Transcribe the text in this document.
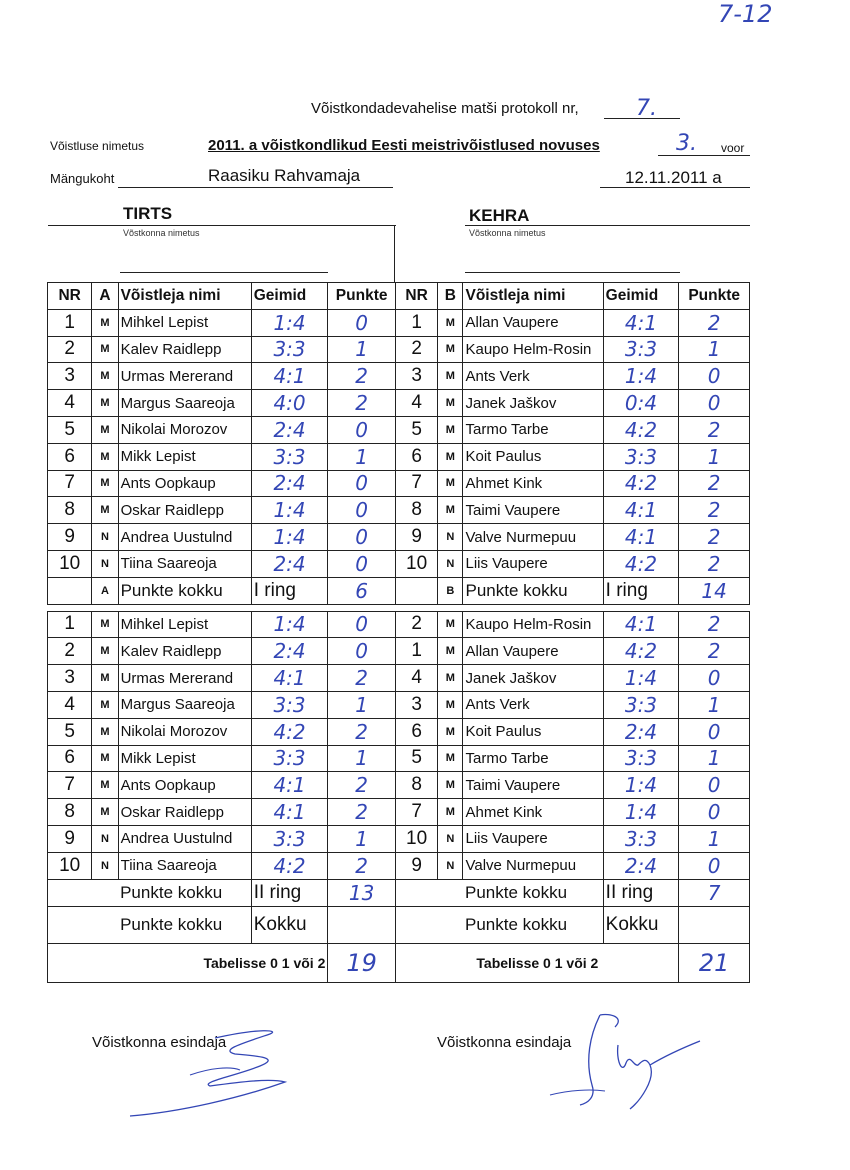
7-12
Võistkondadevahelise matši protokoll nr,	7.
Võistluse nimetus	2011. a võistkondlikud Eesti meistrivõistlused novuses	3. voor
Mängukoht	Raasiku Rahvamaja	12.11.2011 a
TIRTS
Võstkonna nimetus
KEHRA
Võstkonna nimetus
NR	A	Võistleja nimi	Geimid	Punkte	NR	B	Võistleja nimi	Geimid	Punkte
1	M	Mihkel Lepist	1:4	0	1	M	Allan Vaupere	4:1	2
2	M	Kalev Raidlepp	3:3	1	2	M	Kaupo Helm-Rosin	3:3	1
3	M	Urmas Mererand	4:1	2	3	M	Ants Verk	1:4	0
4	M	Margus Saareoja	4:0	2	4	M	Janek Jaškov	0:4	0
5	M	Nikolai Morozov	2:4	0	5	M	Tarmo Tarbe	4:2	2
6	M	Mikk Lepist	3:3	1	6	M	Koit Paulus	3:3	1
7	M	Ants Oopkaup	2:4	0	7	M	Ahmet Kink	4:2	2
8	M	Oskar Raidlepp	1:4	0	8	M	Taimi Vaupere	4:1	2
9	N	Andrea Uustulnd	1:4	0	9	N	Valve Nurmepuu	4:1	2
10	N	Tiina Saareoja	2:4	0	10	N	Liis Vaupere	4:2	2
	A	Punkte kokku	I ring	6		B	Punkte kokku	I ring	14

1	M	Mihkel Lepist	1:4	0	2	M	Kaupo Helm-Rosin	4:1	2
2	M	Kalev Raidlepp	2:4	0	1	M	Allan Vaupere	4:2	2
3	M	Urmas Mererand	4:1	2	4	M	Janek Jaškov	1:4	0
4	M	Margus Saareoja	3:3	1	3	M	Ants Verk	3:3	1
5	M	Nikolai Morozov	4:2	2	6	M	Koit Paulus	2:4	0
6	M	Mikk Lepist	3:3	1	5	M	Tarmo Tarbe	3:3	1
7	M	Ants Oopkaup	4:1	2	8	M	Taimi Vaupere	1:4	0
8	M	Oskar Raidlepp	4:1	2	7	M	Ahmet Kink	1:4	0
9	N	Andrea Uustulnd	3:3	1	10	N	Liis Vaupere	3:3	1
10	N	Tiina Saareoja	4:2	2	9	N	Valve Nurmepuu	2:4	0
		Punkte kokku	II ring	13			Punkte kokku	II ring	7
		Punkte kokku	Kokku				Punkte kokku	Kokku	
Tabelisse 0 1 või 2				19	Tabelisse 0 1 või 2				21
Võistkonna esindaja	Võistkonna esindaja
